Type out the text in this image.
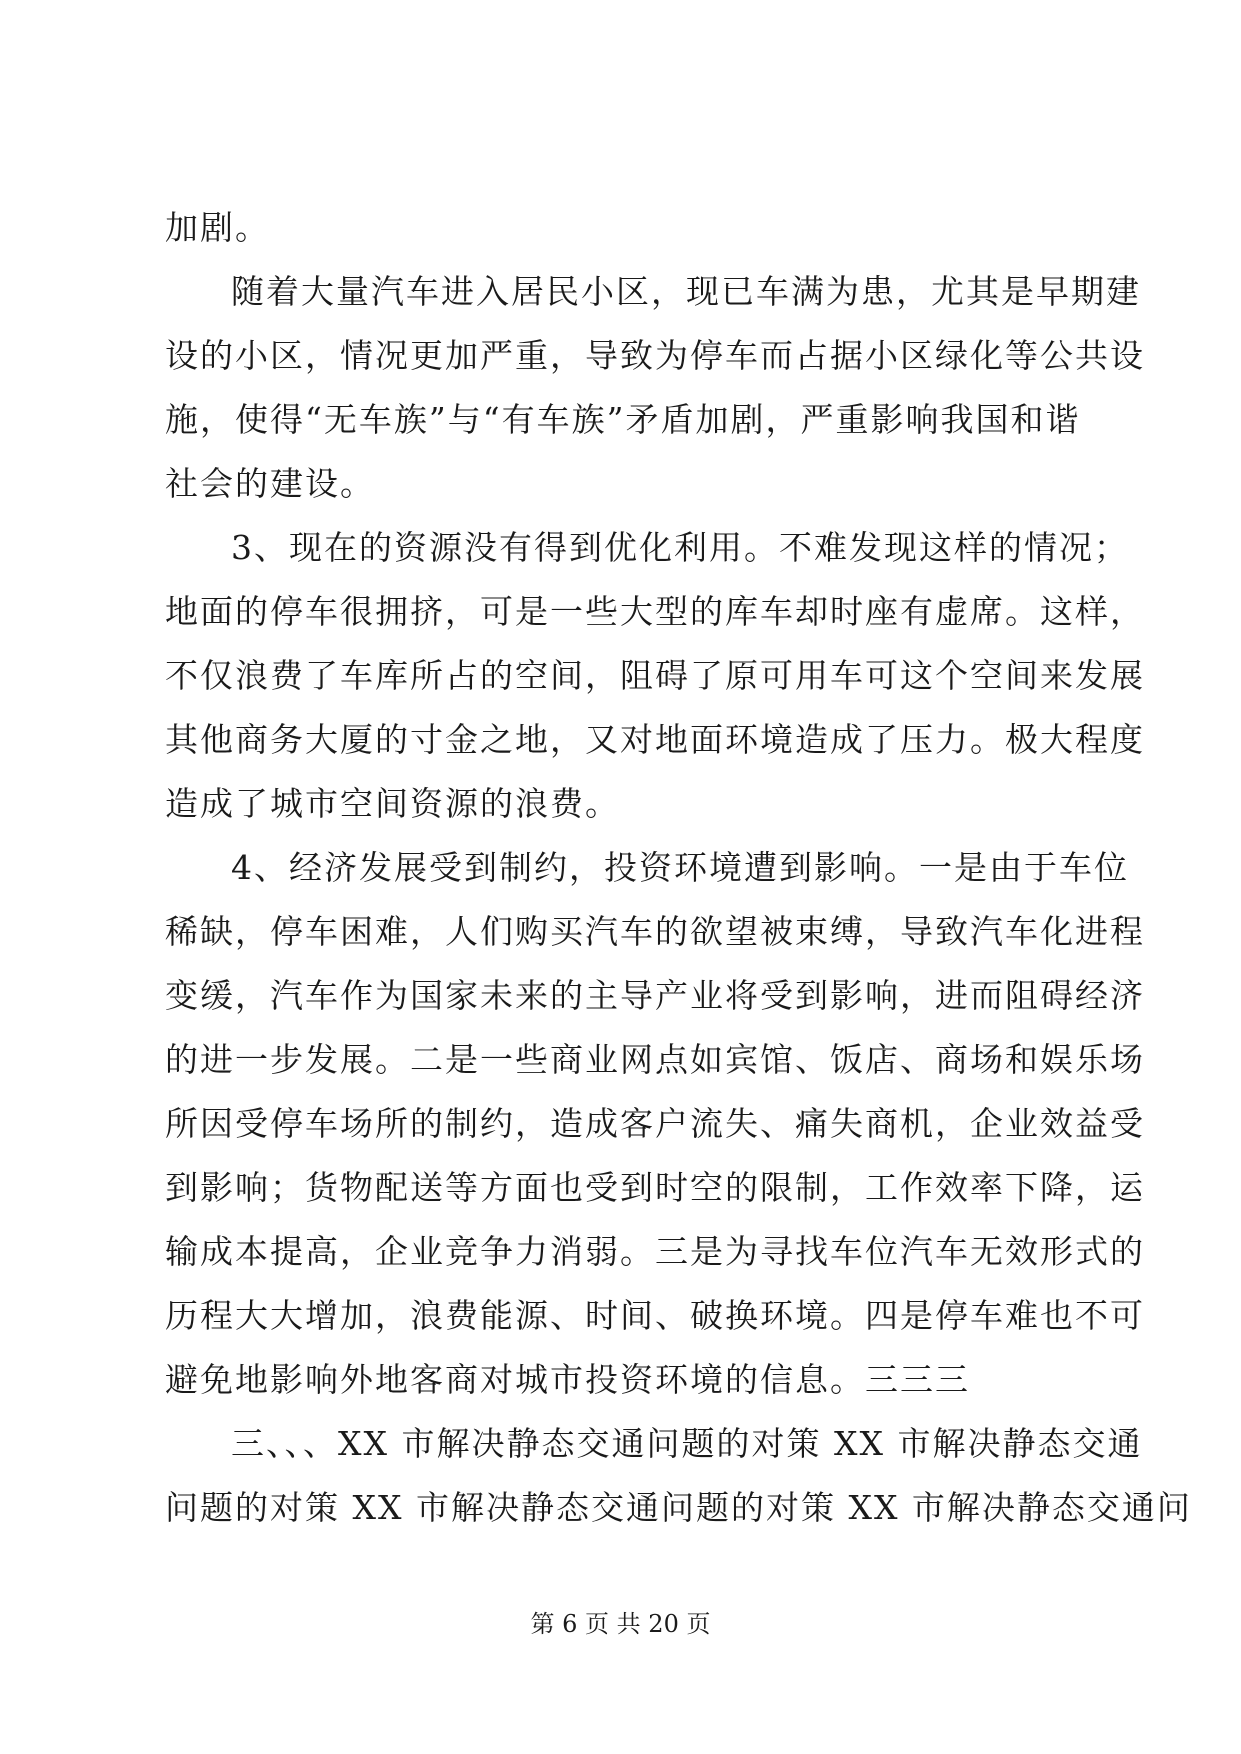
加剧。
随着大量汽车进入居民小区，现已车满为患，尤其是早期建
设的小区，情况更加严重，导致为停车而占据小区绿化等公共设
施，使得“无车族”与“有车族”矛盾加剧，严重影响我国和谐
社会的建设。
3、现在的资源没有得到优化利用。不难发现这样的情况；
地面的停车很拥挤，可是一些大型的库车却时座有虚席。这样，
不仅浪费了车库所占的空间，阻碍了原可用车可这个空间来发展
其他商务大厦的寸金之地，又对地面环境造成了压力。极大程度
造成了城市空间资源的浪费。
4、经济发展受到制约，投资环境遭到影响。一是由于车位
稀缺，停车困难，人们购买汽车的欲望被束缚，导致汽车化进程
变缓，汽车作为国家未来的主导产业将受到影响，进而阻碍经济
的进一步发展。二是一些商业网点如宾馆、饭店、商场和娱乐场
所因受停车场所的制约，造成客户流失、痛失商机，企业效益受
到影响；货物配送等方面也受到时空的限制，工作效率下降，运
输成本提高，企业竞争力消弱。三是为寻找车位汽车无效形式的
历程大大增加，浪费能源、时间、破换环境。四是停车难也不可
避免地影响外地客商对城市投资环境的信息。三三三
三、、、XX 市解决静态交通问题的对策 XX 市解决静态交通
问题的对策 XX 市解决静态交通问题的对策 XX 市解决静态交通问
第 6 页 共 20 页
